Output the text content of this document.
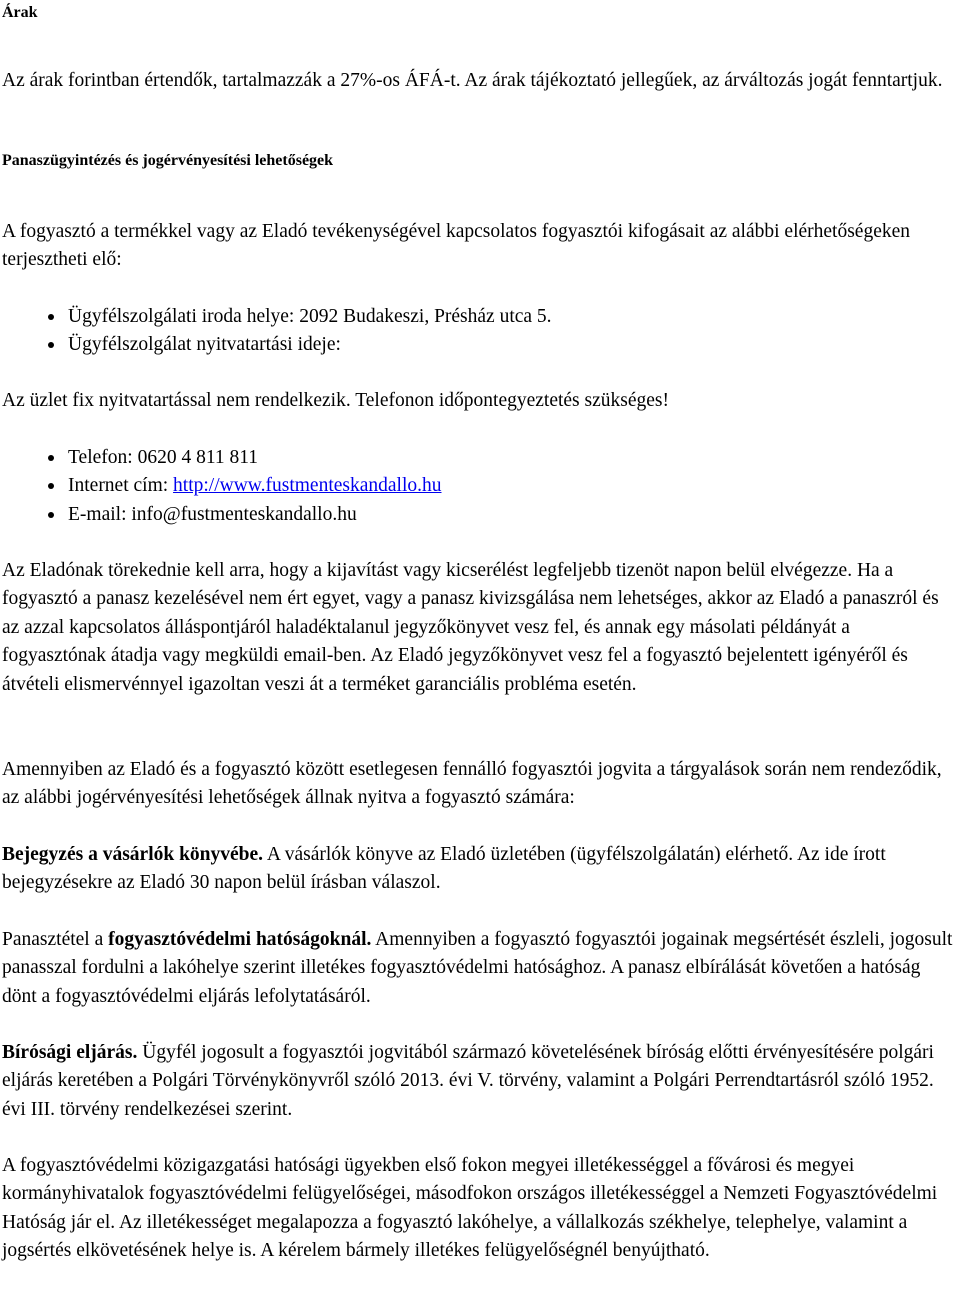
Árak

Az árak forintban értendők, tartalmazzák a 27%-os ÁFÁ-t. Az árak tájékoztató jellegűek, az árváltozás jogát fenntartjuk.

Panaszügyintézés és jogérvényesítési lehetőségek

A fogyasztó a termékkel vagy az Eladó tevékenységével kapcsolatos fogyasztói kifogásait az alábbi elérhetőségeken terjesztheti elő:

Ügyfélszolgálati iroda helye: 2092 Budakeszi, Présház utca 5.
Ügyfélszolgálat nyitvatartási ideje:

Az üzlet fix nyitvatartással nem rendelkezik. Telefonon időpontegyeztetés szükséges!

Telefon: 0620 4 811 811
Internet cím: http://www.fustmenteskandallo.hu
E-mail: info@fustmenteskandallo.hu

Az Eladónak törekednie kell arra, hogy a kijavítást vagy kicserélést legfeljebb tizenöt napon belül elvégezze. Ha a fogyasztó a panasz kezelésével nem ért egyet, vagy a panasz kivizsgálása nem lehetséges, akkor az Eladó a panaszról és az azzal kapcsolatos álláspontjáról haladéktalanul jegyzőkönyvet vesz fel, és annak egy másolati példányát a fogyasztónak átadja vagy megküldi email-ben. Az Eladó jegyzőkönyvet vesz fel a fogyasztó bejelentett igényéről és átvételi elismervénnyel igazoltan veszi át a terméket garanciális probléma esetén.

Amennyiben az Eladó és a fogyasztó között esetlegesen fennálló fogyasztói jogvita a tárgyalások során nem rendeződik, az alábbi jogérvényesítési lehetőségek állnak nyitva a fogyasztó számára:

Bejegyzés a vásárlók könyvébe. A vásárlók könyve az Eladó üzletében (ügyfélszolgálatán) elérhető. Az ide írott bejegyzésekre az Eladó 30 napon belül írásban válaszol.

Panasztétel a fogyasztóvédelmi hatóságoknál. Amennyiben a fogyasztó fogyasztói jogainak megsértését észleli, jogosult panasszal fordulni a lakóhelye szerint illetékes fogyasztóvédelmi hatósághoz. A panasz elbírálását követően a hatóság dönt a fogyasztóvédelmi eljárás lefolytatásáról.

Bírósági eljárás. Ügyfél jogosult a fogyasztói jogvitából származó követelésének bíróság előtti érvényesítésére polgári eljárás keretében a Polgári Törvénykönyvről szóló 2013. évi V. törvény, valamint a Polgári Perrendtartásról szóló 1952. évi III. törvény rendelkezései szerint.

A fogyasztóvédelmi közigazgatási hatósági ügyekben első fokon megyei illetékességgel a fővárosi és megyei kormányhivatalok fogyasztóvédelmi felügyelőségei, másodfokon országos illetékességgel a Nemzeti Fogyasztóvédelmi Hatóság jár el. Az illetékességet megalapozza a fogyasztó lakóhelye, a vállalkozás székhelye, telephelye, valamint a jogsértés elkövetésének helye is. A kérelem bármely illetékes felügyelőségnél benyújtható.
